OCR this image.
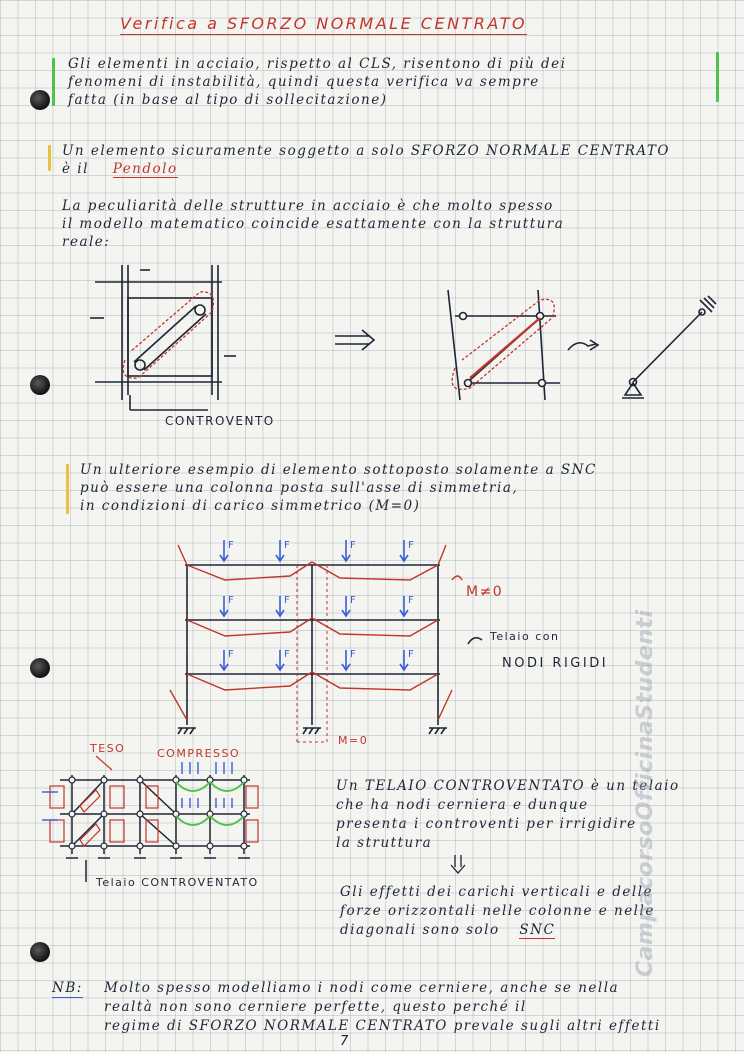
Verifica a SFORZO NORMALE CENTRATO
Gli elementi in acciaio, rispetto al CLS, risentono di più dei
fenomeni di instabilità, quindi questa verifica va sempre
fatta (in base al tipo di sollecitazione)
Un elemento sicuramente soggetto a solo SFORZO NORMALE CENTRATO
è il Pendolo
La peculiarità delle strutture in acciaio è che molto spesso
il modello matematico coincide esattamente con la struttura
reale:
CONTROVENTO
Un ulteriore esempio di elemento sottoposto solamente a SNC
può essere una colonna posta sull'asse di simmetria,
in condizioni di carico simmetrico (M=0)
F	F	F	F
F	F	F	F
F	F	F	F
M≠0
M=0
Telaio con
NODI RIGIDI
TESO	COMPRESSO
Telaio CONTROVENTATO
Un TELAIO CONTROVENTATO è un telaio
che ha nodi cerniera e dunque
presenta i controventi per irrigidire
la struttura
Gli effetti dei carichi verticali e delle
forze orizzontali nelle colonne e nelle
diagonali sono solo SNC
NB: Molto spesso modelliamo i nodi come cerniere, anche se nella
realtà non sono cerniere perfette, questo perché il
regime di SFORZO NORMALE CENTRATO prevale sugli altri effetti
CampacorsoOfficinaStudenti
7
